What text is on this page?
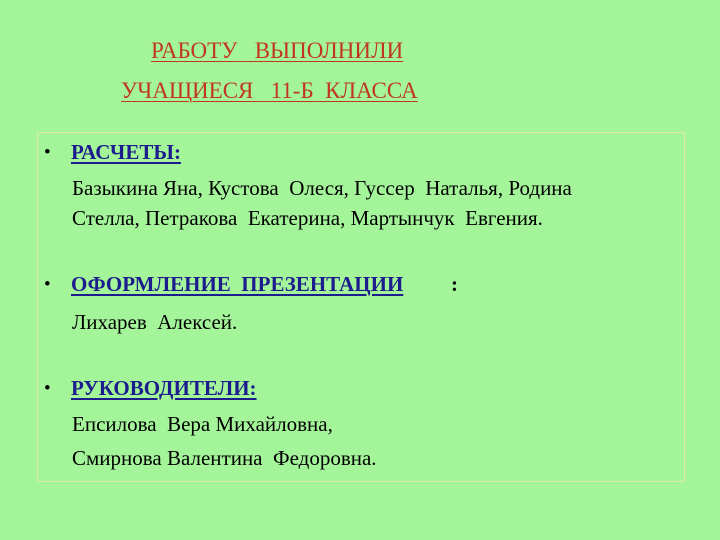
РАБОТУ   ВЫПОЛНИЛИ
УЧАЩИЕСЯ   11-Б  КЛАССА
• РАСЧЕТЫ:
Базыкина Яна, Кустова  Олеся, Гуссер  Наталья, Родина
Стелла, Петракова  Екатерина, Мартынчук  Евгения.
• ОФОРМЛЕНИЕ  ПРЕЗЕНТАЦИИ :
Лихарев  Алексей.
• РУКОВОДИТЕЛИ:
Епсилова  Вера Михайловна,
Смирнова Валентина  Федоровна.
